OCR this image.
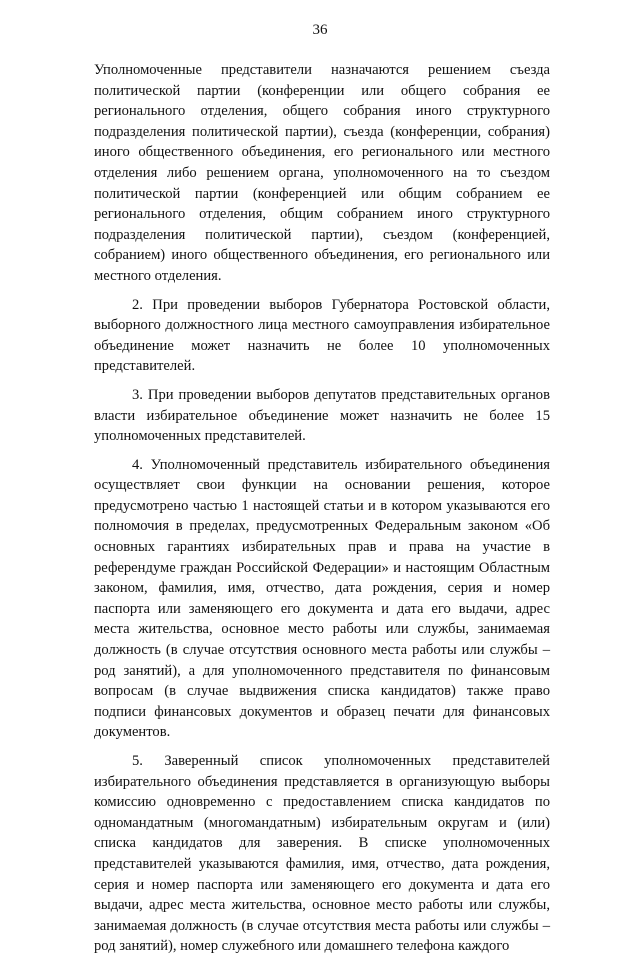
36

Уполномоченные представители назначаются решением съезда политической партии (конференции или общего собрания ее регионального отделения, общего собрания иного структурного подразделения политической партии), съезда (конференции, собрания) иного общественного объединения, его регионального или местного отделения либо решением органа, уполномоченного на то съездом политической партии (конференцией или общим собранием ее регионального отделения, общим собранием иного структурного подразделения политической партии), съездом (конференцией, собранием) иного общественного объединения, его регионального или местного отделения.

2. При проведении выборов Губернатора Ростовской области, выборного должностного лица местного самоуправления избирательное объединение может назначить не более 10 уполномоченных представителей.

3. При проведении выборов депутатов представительных органов власти избирательное объединение может назначить не более 15 уполномоченных представителей.

4. Уполномоченный представитель избирательного объединения осуществляет свои функции на основании решения, которое предусмотрено частью 1 настоящей статьи и в котором указываются его полномочия в пределах, предусмотренных Федеральным законом «Об основных гарантиях избирательных прав и права на участие в референдуме граждан Российской Федерации» и настоящим Областным законом, фамилия, имя, отчество, дата рождения, серия и номер паспорта или заменяющего его документа и дата его выдачи, адрес места жительства, основное место работы или службы, занимаемая должность (в случае отсутствия основного места работы или службы – род занятий), а для уполномоченного представителя по финансовым вопросам (в случае выдвижения списка кандидатов) также право подписи финансовых документов и образец печати для финансовых документов.

5. Заверенный список уполномоченных представителей избирательного объединения представляется в организующую выборы комиссию одновременно с предоставлением списка кандидатов по одномандатным (многомандатным) избирательным округам и (или) списка кандидатов для заверения. В списке уполномоченных представителей указываются фамилия, имя, отчество, дата рождения, серия и номер паспорта или заменяющего его документа и дата его выдачи, адрес места жительства, основное место работы или службы, занимаемая должность (в случае отсутствия места работы или службы – род занятий), номер служебного или домашнего телефона каждого
